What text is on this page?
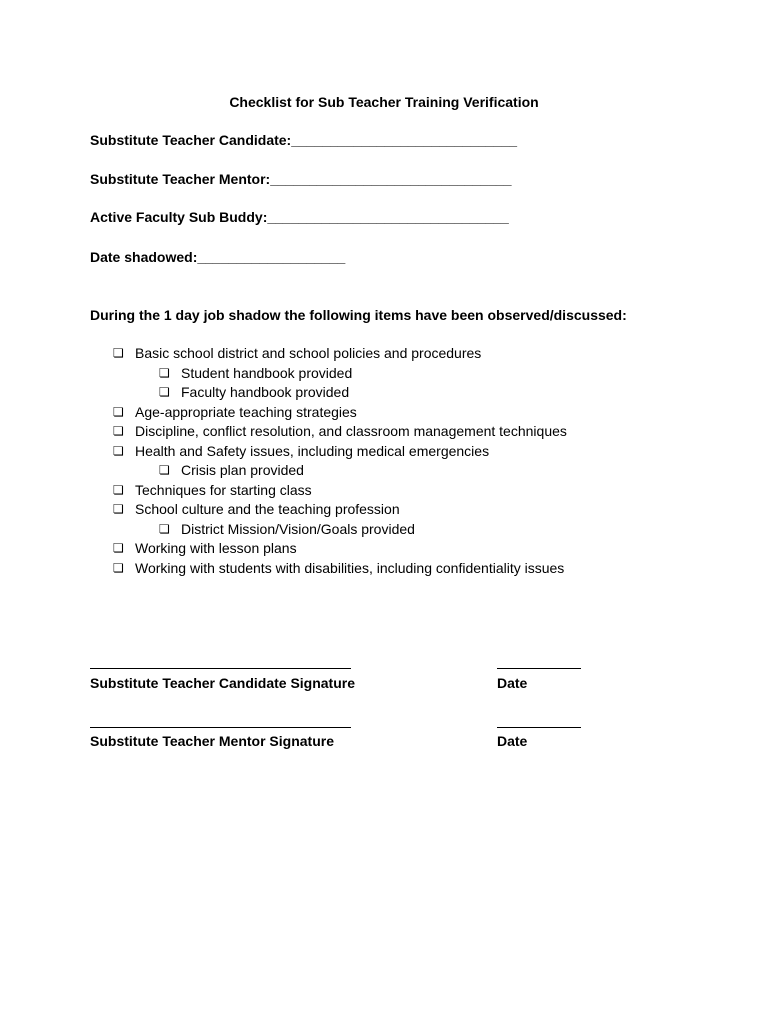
Checklist for Sub Teacher Training Verification
Substitute Teacher Candidate:_____________________________
Substitute Teacher Mentor:_______________________________
Active Faculty Sub Buddy:_______________________________
Date shadowed:___________________
During the 1 day job shadow the following items have been observed/discussed:
❏ Basic school district and school policies and procedures
❏ Student handbook provided
❏ Faculty handbook provided
❏ Age-appropriate teaching strategies
❏ Discipline, conflict resolution, and classroom management techniques
❏ Health and Safety issues, including medical emergencies
❏ Crisis plan provided
❏ Techniques for starting class
❏ School culture and the teaching profession
❏ District Mission/Vision/Goals provided
❏ Working with lesson plans
❏ Working with students with disabilities, including confidentiality issues
Substitute Teacher Candidate Signature	Date
Substitute Teacher Mentor Signature	Date
